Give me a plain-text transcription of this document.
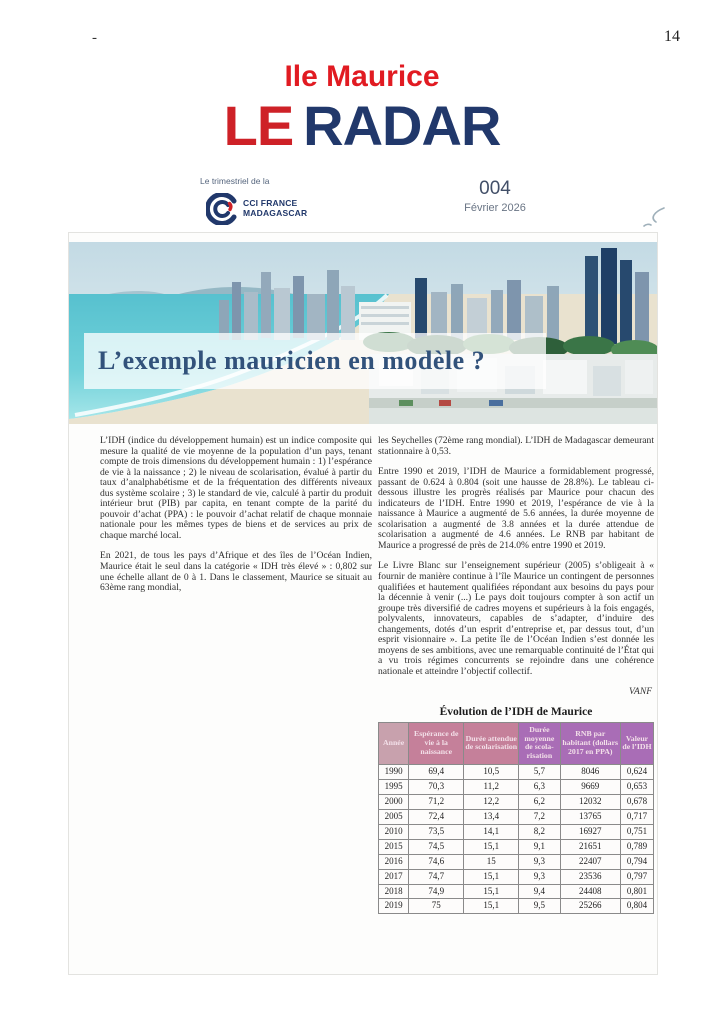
-	14
Ile Maurice
LE RADAR
Le trimestriel de la
CCI FRANCE
MADAGASCAR
004
Février 2026
L’exemple mauricien en modèle ?

L’IDH (indice du développement humain) est un indice composite qui mesure la qualité de vie moyenne de la population d’un pays, tenant compte de trois dimensions du développement humain : 1) l’espérance de vie à la naissance ; 2) le niveau de scolarisation, évalué à partir du taux d’analphabétisme et de la fréquentation des différents niveaux dus système scolaire ; 3) le standard de vie, calculé à partir du produit intérieur brut (PIB) par capita, en tenant compte de la parité du pouvoir d’achat (PPA) : le pouvoir d’achat relatif de chaque monnaie nationale pour les mêmes types de biens et de services au prix de chaque marché local.

En 2021, de tous les pays d’Afrique et des îles de l’Océan Indien, Maurice était le seul dans la catégorie « IDH très élevé » : 0,802 sur une échelle allant de 0 à 1. Dans le classement, Maurice se situait au 63ème rang mondial,

les Seychelles (72ème rang mondial). L’IDH de Madagascar demeurant stationnaire à 0,53.

Entre 1990 et 2019, l’IDH de Maurice a formidablement progressé, passant de 0.624 à 0.804 (soit une hausse de 28.8%). Le tableau ci-dessous illustre les progrès réalisés par Maurice pour chacun des indicateurs de l’IDH. Entre 1990 et 2019, l’espérance de vie à la naissance à Maurice a augmenté de 5.6 années, la durée moyenne de scolarisation a augmenté de 3.8 années et la durée attendue de scolarisation a augmenté de 4.6 années. Le RNB par habitant de Maurice a progressé de près de 214.0% entre 1990 et 2019.

Le Livre Blanc sur l’enseignement supérieur (2005) s’obligeait à « fournir de manière continue à l’île Maurice un contingent de personnes qualifiées et hautement qualifiées répondant aux besoins du pays pour la décennie à venir (...) Le pays doit toujours compter à son actif un groupe très diversifié de cadres moyens et supérieurs à la fois engagés, polyvalents, innovateurs, capables de s’adapter, d’induire des changements, dotés d’un esprit d’entreprise et, par dessus tout, d’un esprit visionnaire ». La petite île de l’Océan Indien s’est donnée les moyens de ses ambitions, avec une remarquable continuité de l’État qui a vu trois régimes concurrents se rejoindre dans une cohérence nationale et atteindre l’objectif collectif.

VANF
Évolution de l’IDH de Maurice
Année	Espérance de vie à la naissance	Durée attendue de scolarisation	Durée moyenne de scola-risation	RNB par habitant (dollars 2017 en PPA)	Valeur de l’IDH
1990	69,4	10,5	5,7	8046	0,624
1995	70,3	11,2	6,3	9669	0,653
2000	71,2	12,2	6,2	12032	0,678
2005	72,4	13,4	7,2	13765	0,717
2010	73,5	14,1	8,2	16927	0,751
2015	74,5	15,1	9,1	21651	0,789
2016	74,6	15	9,3	22407	0,794
2017	74,7	15,1	9,3	23536	0,797
2018	74,9	15,1	9,4	24408	0,801
2019	75	15,1	9,5	25266	0,804
